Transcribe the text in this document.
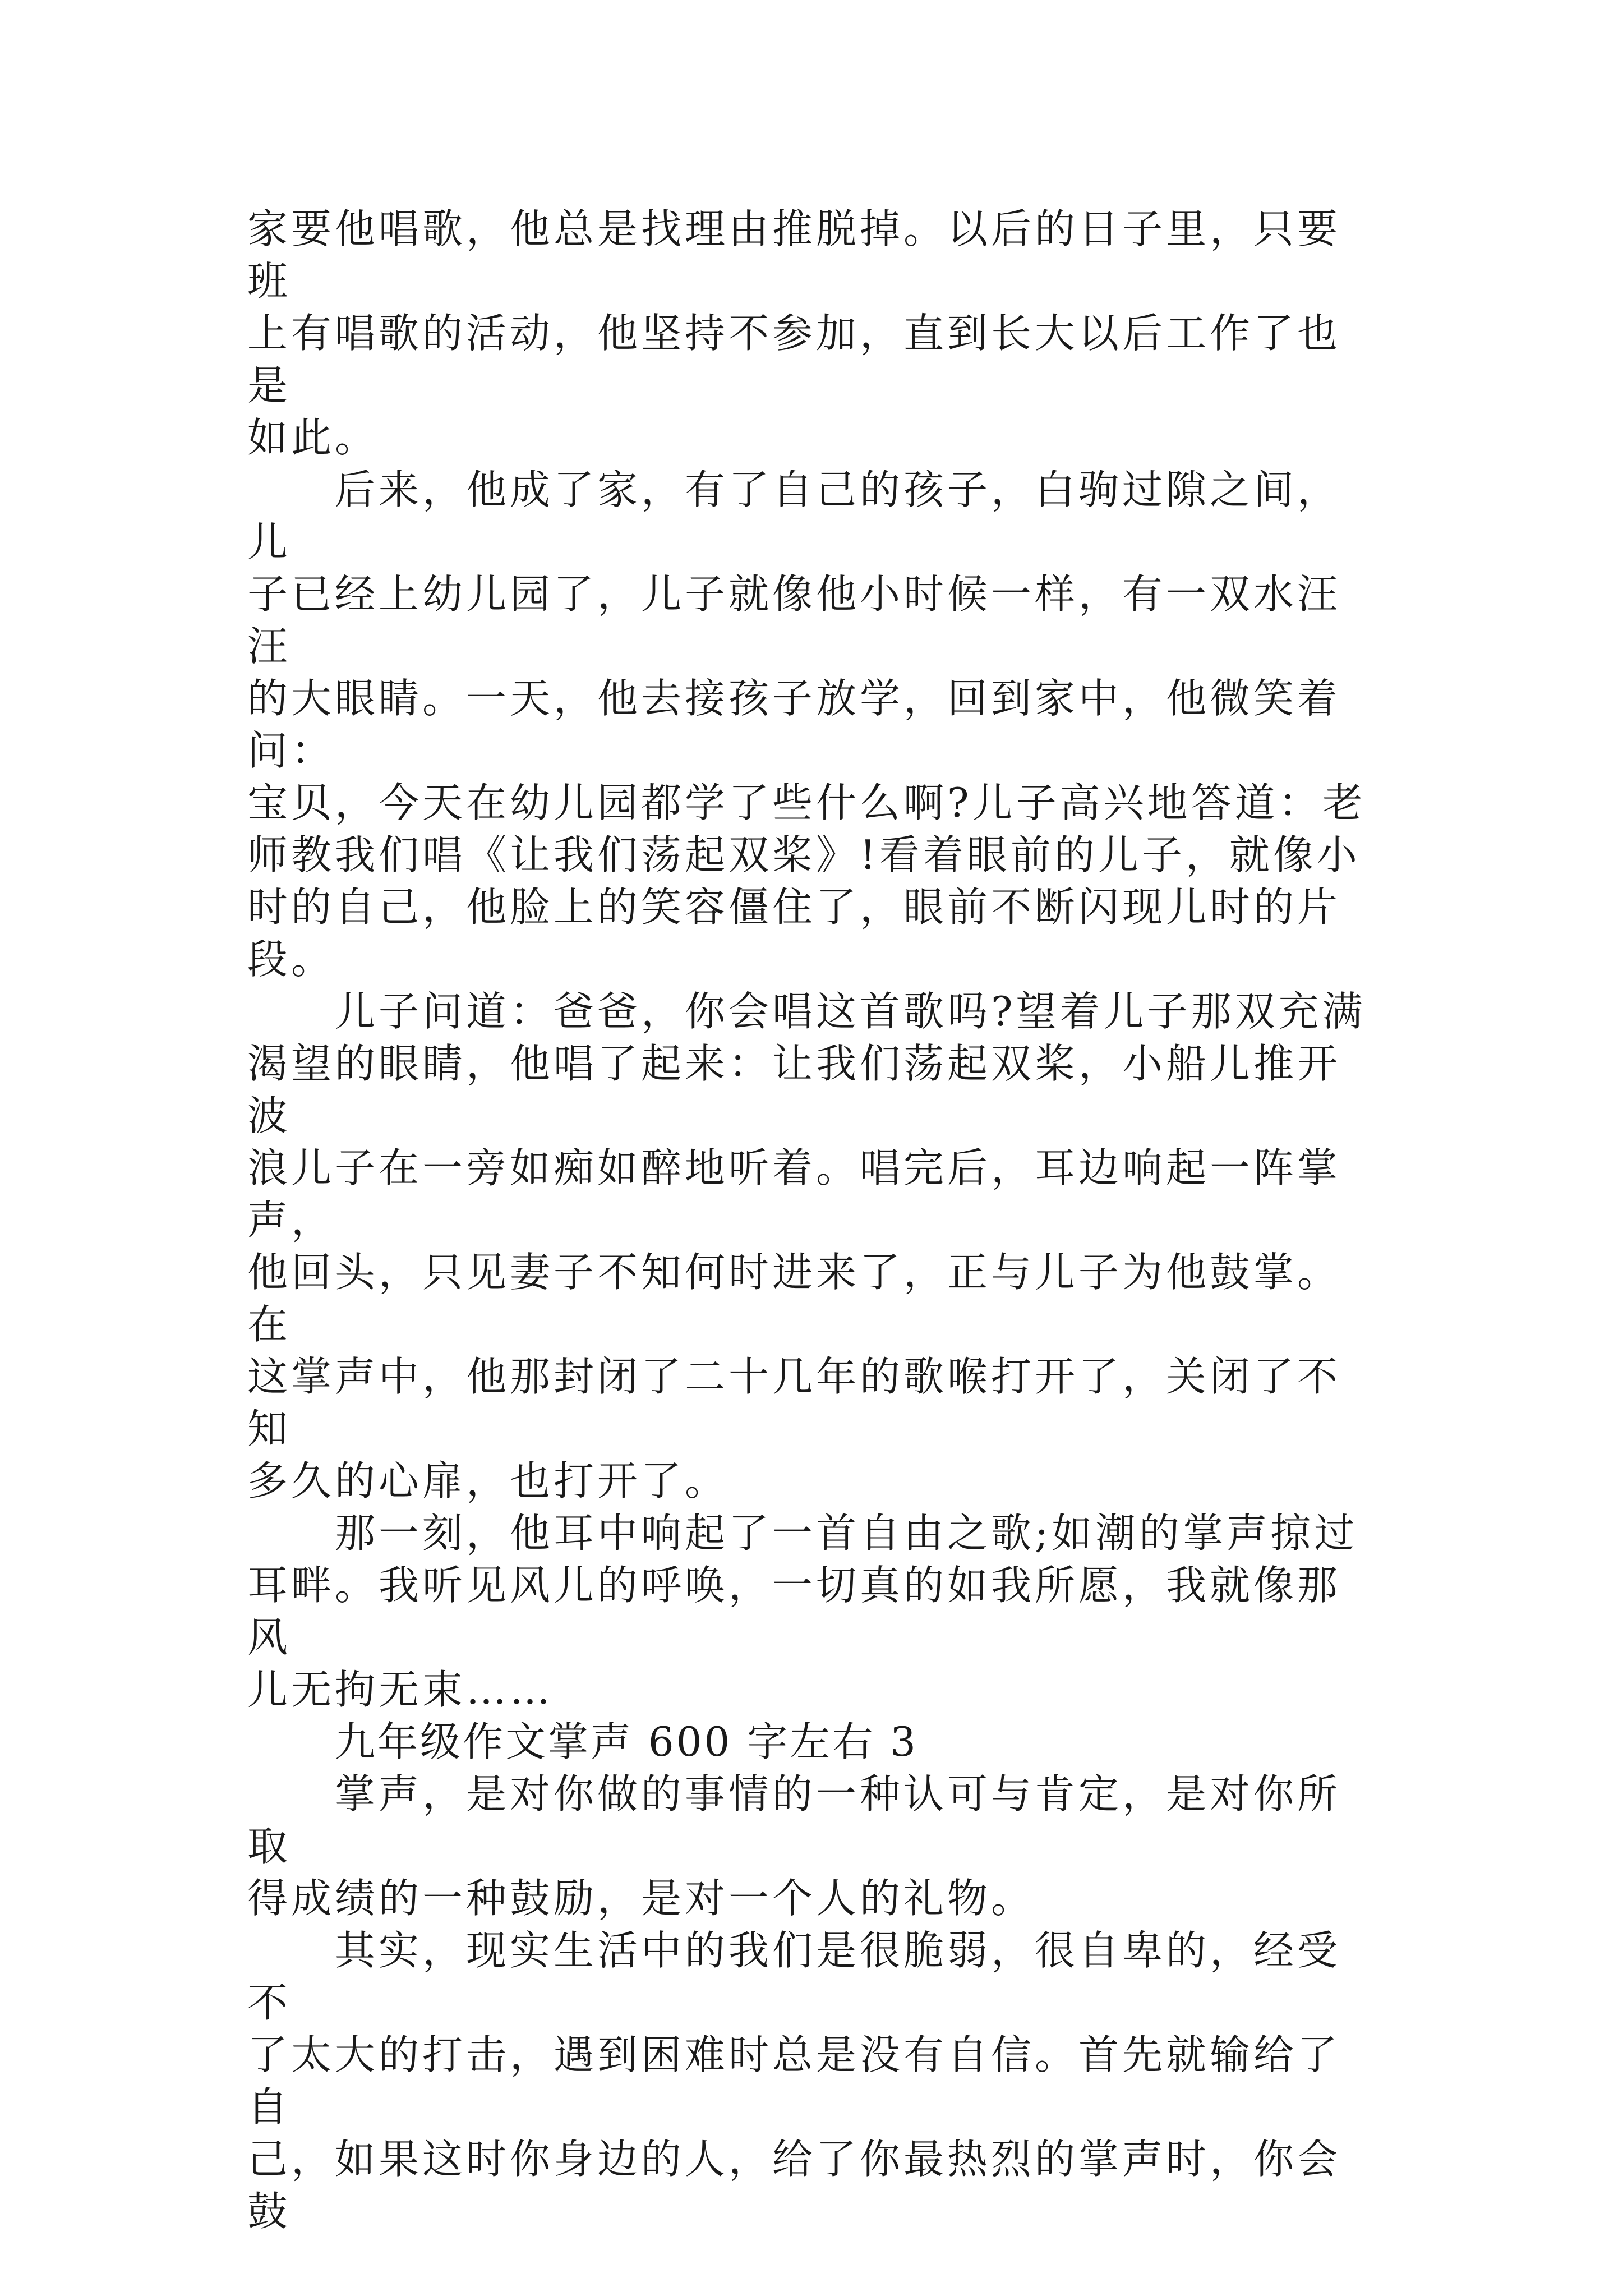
家要他唱歌，他总是找理由推脱掉。以后的日子里，只要班
上有唱歌的活动，他坚持不参加，直到长大以后工作了也是
如此。

后来，他成了家，有了自己的孩子，白驹过隙之间，儿
子已经上幼儿园了，儿子就像他小时候一样，有一双水汪汪
的大眼睛。一天，他去接孩子放学，回到家中，他微笑着问：
宝贝，今天在幼儿园都学了些什么啊?儿子高兴地答道：老
师教我们唱《让我们荡起双桨》!看着眼前的儿子，就像小
时的自己，他脸上的笑容僵住了，眼前不断闪现儿时的片段。

儿子问道：爸爸，你会唱这首歌吗?望着儿子那双充满
渴望的眼睛，他唱了起来：让我们荡起双桨，小船儿推开波
浪儿子在一旁如痴如醉地听着。唱完后，耳边响起一阵掌声，
他回头，只见妻子不知何时进来了，正与儿子为他鼓掌。在
这掌声中，他那封闭了二十几年的歌喉打开了，关闭了不知
多久的心扉，也打开了。

那一刻，他耳中响起了一首自由之歌;如潮的掌声掠过
耳畔。我听见风儿的呼唤，一切真的如我所愿，我就像那风
儿无拘无束……

九年级作文掌声 600 字左右 3

掌声，是对你做的事情的一种认可与肯定，是对你所取
得成绩的一种鼓励，是对一个人的礼物。

其实，现实生活中的我们是很脆弱，很自卑的，经受不
了太大的打击，遇到困难时总是没有自信。首先就输给了自
己，如果这时你身边的人，给了你最热烈的掌声时，你会鼓
